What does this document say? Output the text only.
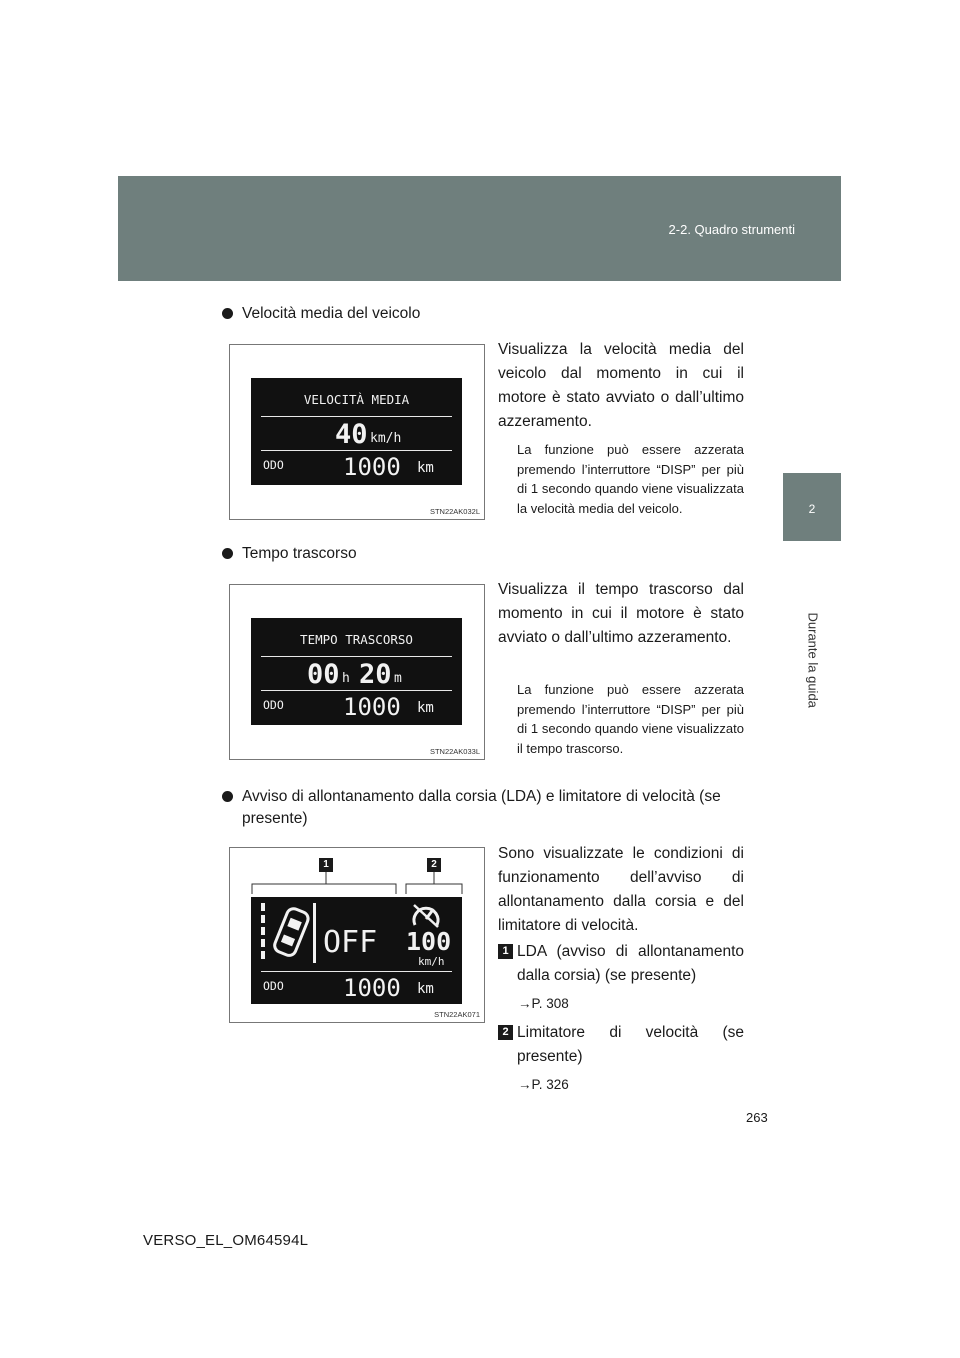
2-2. Quadro strumenti
2
Durante la guida
Velocità media del veicolo
VELOCITÀ MEDIA
40 km/h
ODO 1000 km
STN22AK032L
Visualizza la velocità media del veicolo dal momento in cui il motore è stato avviato o dall’ultimo azzeramento.
La funzione può essere azzerata premendo l’interruttore “DISP” per più di 1 secondo quando viene visualizzata la velocità media del veicolo.
Tempo trascorso
TEMPO TRASCORSO
00 h 20 m
ODO 1000 km
STN22AK033L
Visualizza il tempo trascorso dal momento in cui il motore è stato avviato o dall’ultimo azzeramento.
La funzione può essere azzerata premendo l’interruttore “DISP” per più di 1 secondo quando viene visualizzato il tempo trascorso.
Avviso di allontanamento dalla corsia (LDA) e limitatore di velocità (se presente)
1	2
OFF 100
km/h
ODO 1000 km
STN22AK071
Sono visualizzate le condizioni di funzionamento dell’avviso di allontanamento dalla corsia e del limitatore di velocità.
1 LDA (avviso di allontanamento dalla corsia) (se presente)
→P. 308
2 Limitatore di velocità (se presente)
→P. 326
263
VERSO_EL_OM64594L
